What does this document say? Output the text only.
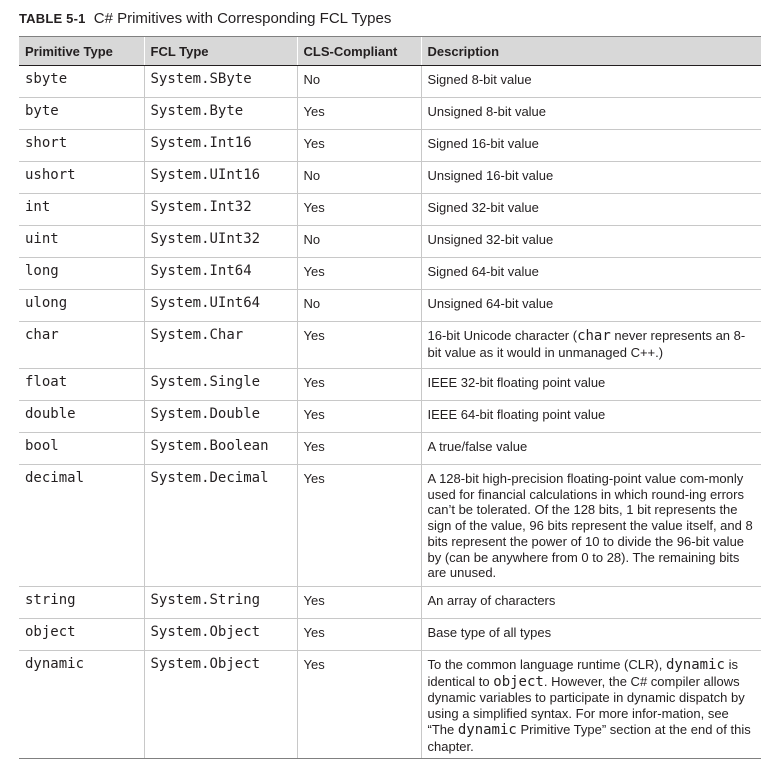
TABLE 5-1 C# Primitives with Corresponding FCL Types
Primitive Type	FCL Type	CLS-Compliant	Description
sbyte	System.SByte	No	Signed 8-bit value
byte	System.Byte	Yes	Unsigned 8-bit value
short	System.Int16	Yes	Signed 16-bit value
ushort	System.UInt16	No	Unsigned 16-bit value
int	System.Int32	Yes	Signed 32-bit value
uint	System.UInt32	No	Unsigned 32-bit value
long	System.Int64	Yes	Signed 64-bit value
ulong	System.UInt64	No	Unsigned 64-bit value
char	System.Char	Yes	16-bit Unicode character (char never represents an 8-bit value as it would in unmanaged C++.)
float	System.Single	Yes	IEEE 32-bit floating point value
double	System.Double	Yes	IEEE 64-bit floating point value
bool	System.Boolean	Yes	A true/false value
decimal	System.Decimal	Yes	A 128-bit high-precision floating-point value com-monly used for financial calculations in which round-ing errors can’t be tolerated. Of the 128 bits, 1 bit represents the sign of the value, 96 bits represent the value itself, and 8 bits represent the power of 10 to divide the 96-bit value by (can be anywhere from 0 to 28). The remaining bits are unused.
string	System.String	Yes	An array of characters
object	System.Object	Yes	Base type of all types
dynamic	System.Object	Yes	To the common language runtime (CLR), dynamic is identical to object. However, the C# compiler allows dynamic variables to participate in dynamic dispatch by using a simplified syntax. For more infor-mation, see “The dynamic Primitive Type” section at the end of this chapter.
